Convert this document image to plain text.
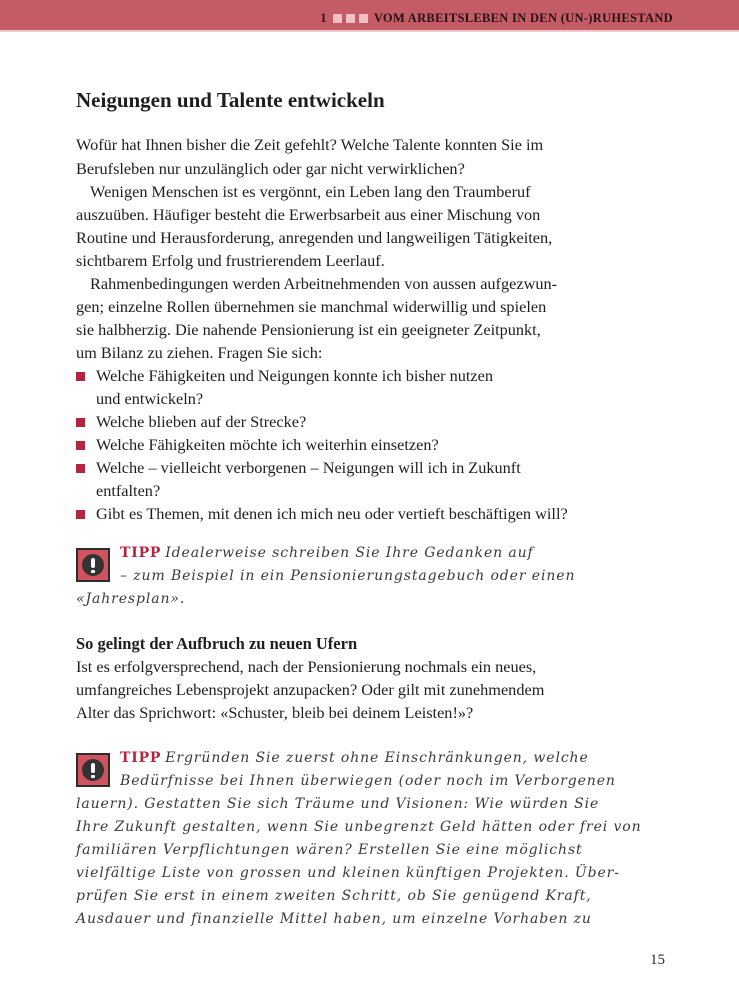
1	VOM ARBEITSLEBEN IN DEN (UN-)RUHESTAND
Neigungen und Talente entwickeln
Wofür hat Ihnen bisher die Zeit gefehlt? Welche Talente konnten Sie im
Berufsleben nur unzulänglich oder gar nicht verwirklichen?
Wenigen Menschen ist es vergönnt, ein Leben lang den Traumberuf
auszuüben. Häufiger besteht die Erwerbsarbeit aus einer Mischung von
Routine und Herausforderung, anregenden und langweiligen Tätigkeiten,
sichtbarem Erfolg und frustrierendem Leerlauf.
Rahmenbedingungen werden Arbeitnehmenden von aussen aufgezwun-
gen; einzelne Rollen übernehmen sie manchmal widerwillig und spielen
sie halbherzig. Die nahende Pensionierung ist ein geeigneter Zeitpunkt,
um Bilanz zu ziehen. Fragen Sie sich:
Welche Fähigkeiten und Neigungen konnte ich bisher nutzen
und entwickeln?
Welche blieben auf der Strecke?
Welche Fähigkeiten möchte ich weiterhin einsetzen?
Welche – vielleicht verborgenen – Neigungen will ich in Zukunft
entfalten?
Gibt es Themen, mit denen ich mich neu oder vertieft beschäftigen will?
TIPP Idealerweise schreiben Sie Ihre Gedanken auf
– zum Beispiel in ein Pensionierungstagebuch oder einen
«Jahresplan».
So gelingt der Aufbruch zu neuen Ufern
Ist es erfolgversprechend, nach der Pensionierung nochmals ein neues,
umfangreiches Lebensprojekt anzupacken? Oder gilt mit zunehmendem
Alter das Sprichwort: «Schuster, bleib bei deinem Leisten!»?
TIPP Ergründen Sie zuerst ohne Einschränkungen, welche
Bedürfnisse bei Ihnen überwiegen (oder noch im Verborgenen
lauern). Gestatten Sie sich Träume und Visionen: Wie würden Sie
Ihre Zukunft gestalten, wenn Sie unbegrenzt Geld hätten oder frei von
familiären Verpflichtungen wären? Erstellen Sie eine möglichst
vielfältige Liste von grossen und kleinen künftigen Projekten. Über-
prüfen Sie erst in einem zweiten Schritt, ob Sie genügend Kraft,
Ausdauer und finanzielle Mittel haben, um einzelne Vorhaben zu
15
